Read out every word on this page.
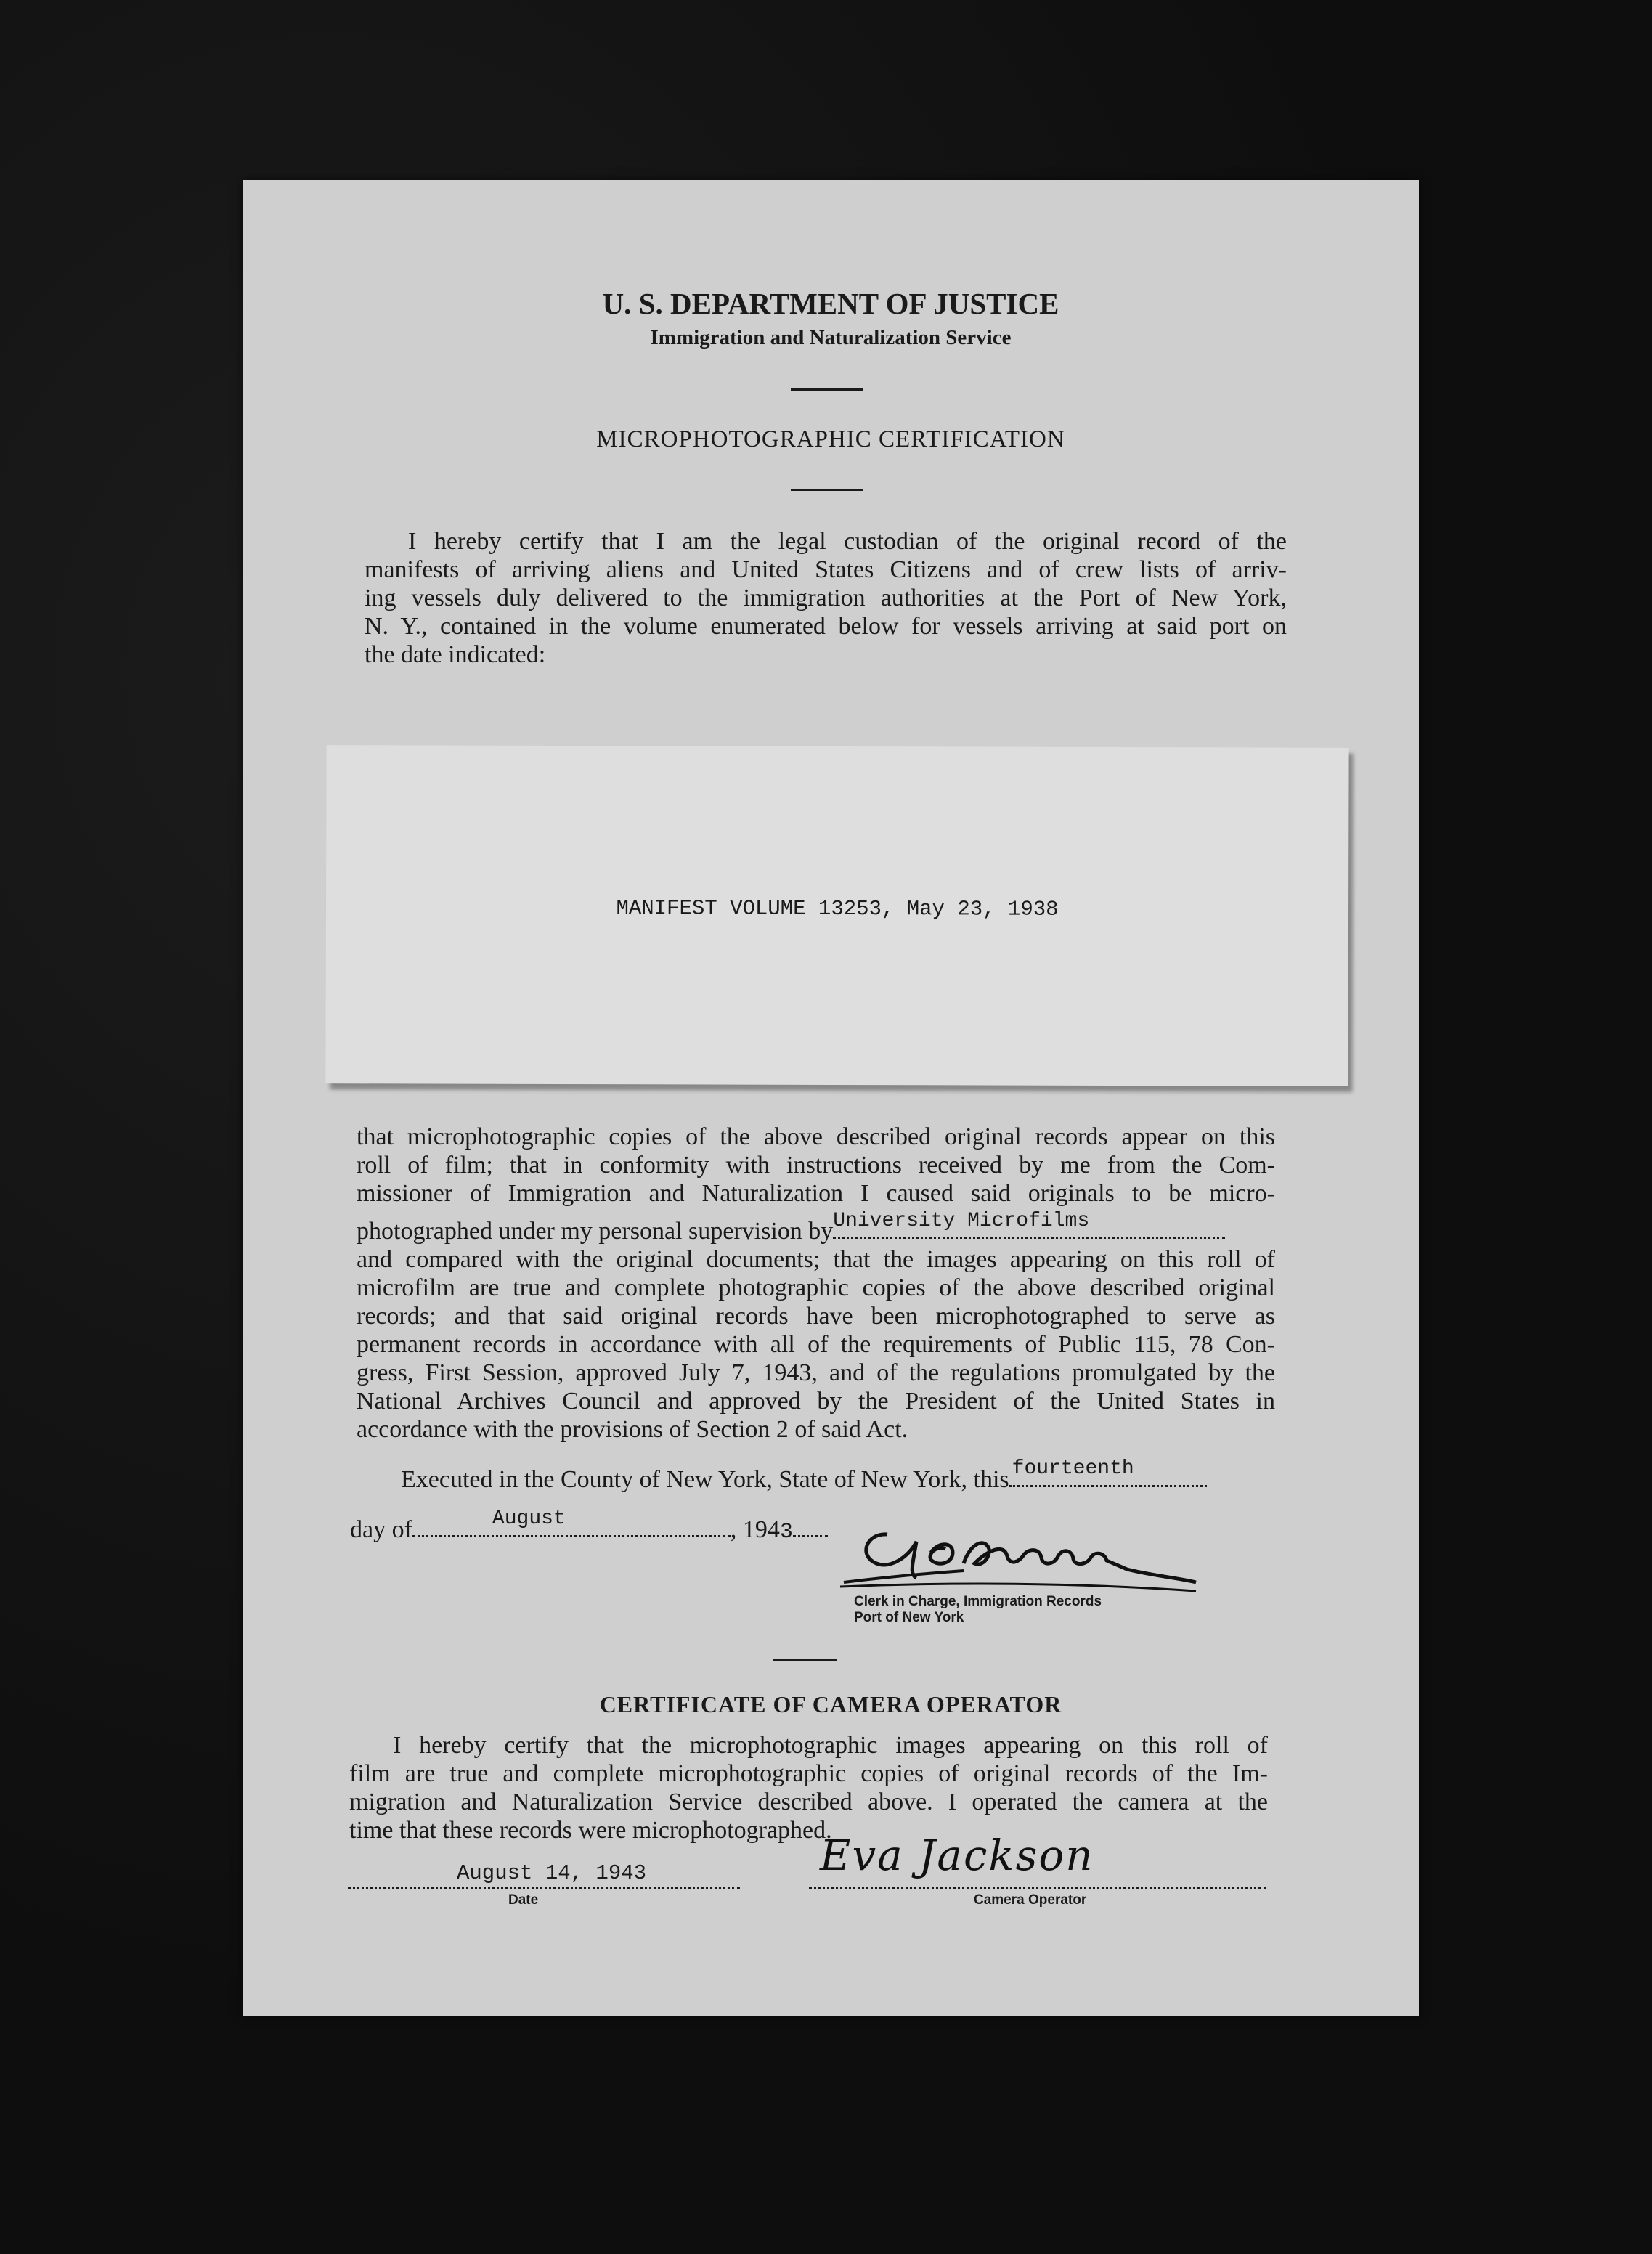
U. S. DEPARTMENT OF JUSTICE
Immigration and Naturalization Service
MICROPHOTOGRAPHIC CERTIFICATION
I hereby certify that I am the legal custodian of the original record of the
manifests of arriving aliens and United States Citizens and of crew lists of arriv-
ing vessels duly delivered to the immigration authorities at the Port of New York,
N. Y., contained in the volume enumerated below for vessels arriving at said port on
the date indicated:
MANIFEST VOLUME 13253, May 23, 1938
that microphotographic copies of the above described original records appear on this
roll of film; that in conformity with instructions received by me from the Com-
missioner of Immigration and Naturalization I caused said originals to be micro-
photographed under my personal supervision by University Microfilms
and compared with the original documents; that the images appearing on this roll of
microfilm are true and complete photographic copies of the above described original
records; and that said original records have been microphotographed to serve as
permanent records in accordance with all of the requirements of Public 115, 78 Con-
gress, First Session, approved July 7, 1943, and of the regulations promulgated by the
National Archives Council and approved by the President of the United States in
accordance with the provisions of Section 2 of said Act.
Executed in the County of New York, State of New York, this fourteenth
day of	August	, 1943
Clerk in Charge, Immigration Records
Port of New York
CERTIFICATE OF CAMERA OPERATOR
I hereby certify that the microphotographic images appearing on this roll of
film are true and complete microphotographic copies of original records of the Im-
migration and Naturalization Service described above. I operated the camera at the
time that these records were microphotographed.
August 14, 1943
Date
Eva Jackson
Camera Operator
